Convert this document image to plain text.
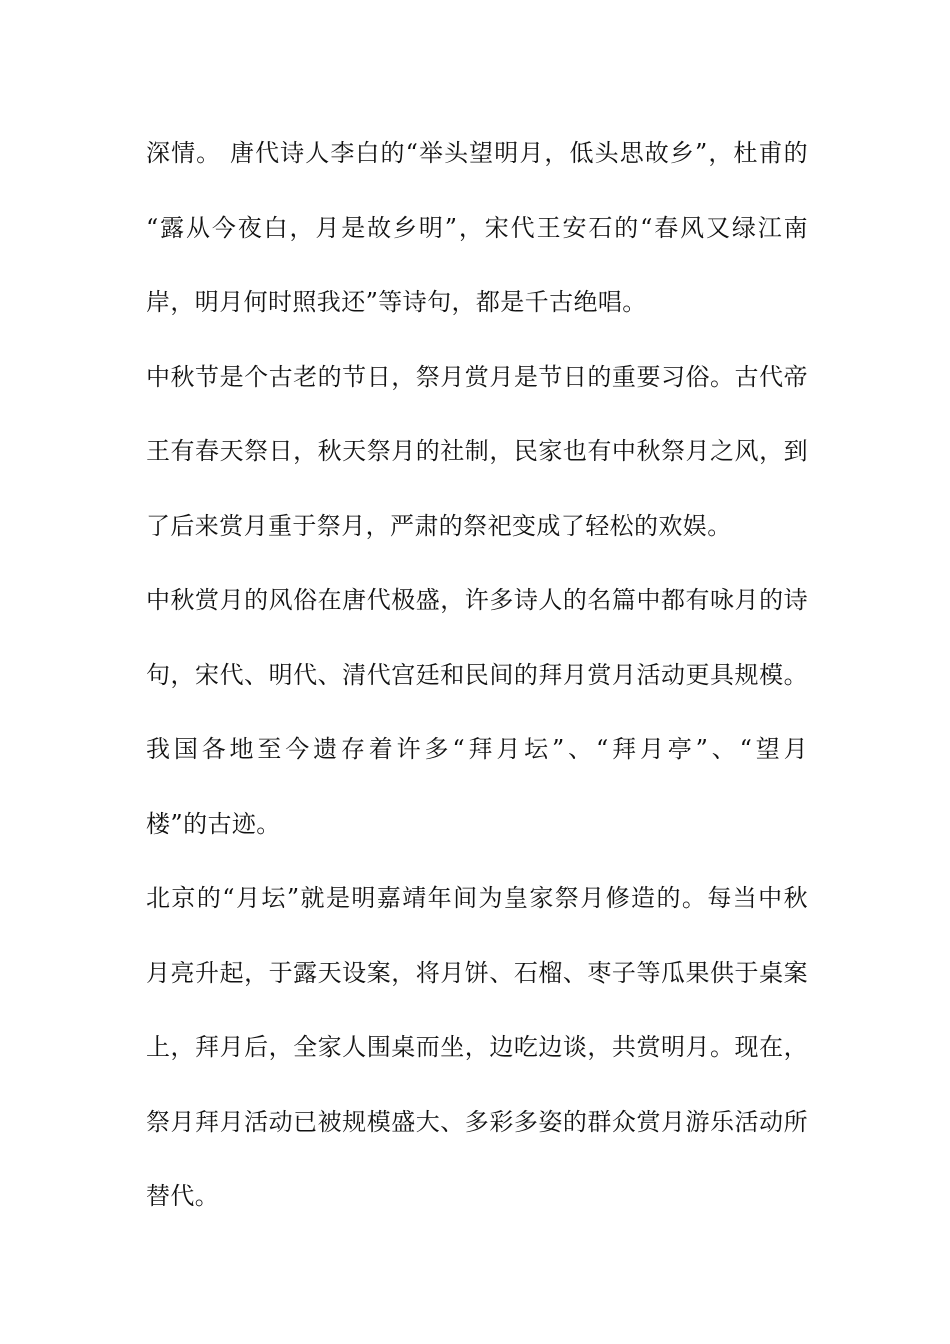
深情。 唐代诗人李白的“举头望明月，低头思故乡”，杜甫的
“露从今夜白，月是故乡明”，宋代王安石的“春风又绿江南
岸，明月何时照我还”等诗句，都是千古绝唱。
中秋节是个古老的节日，祭月赏月是节日的重要习俗。古代帝
王有春天祭日，秋天祭月的社制，民家也有中秋祭月之风，到
了后来赏月重于祭月，严肃的祭祀变成了轻松的欢娱。
中秋赏月的风俗在唐代极盛，许多诗人的名篇中都有咏月的诗
句，宋代、明代、清代宫廷和民间的拜月赏月活动更具规模。
我国各地至今遗存着许多“拜月坛”、“拜月亭”、“望月
楼”的古迹。
北京的“月坛”就是明嘉靖年间为皇家祭月修造的。每当中秋
月亮升起，于露天设案，将月饼、石榴、枣子等瓜果供于桌案
上，拜月后，全家人围桌而坐，边吃边谈，共赏明月。现在，
祭月拜月活动已被规模盛大、多彩多姿的群众赏月游乐活动所
替代。
